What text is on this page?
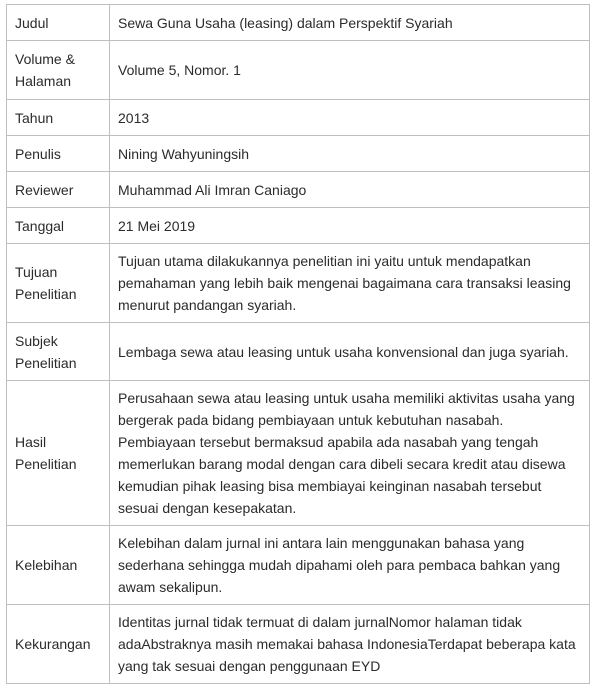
Judul	Sewa Guna Usaha (leasing) dalam Perspektif Syariah
Volume & Halaman	Volume 5, Nomor. 1
Tahun	2013
Penulis	Nining Wahyuningsih
Reviewer	Muhammad Ali Imran Caniago
Tanggal	21 Mei 2019
Tujuan Penelitian	Tujuan utama dilakukannya penelitian ini yaitu untuk mendapatkan pemahaman yang lebih baik mengenai bagaimana cara transaksi leasing menurut pandangan syariah.
Subjek Penelitian	Lembaga sewa atau leasing untuk usaha konvensional dan juga syariah.
Hasil Penelitian	Perusahaan sewa atau leasing untuk usaha memiliki aktivitas usaha yang bergerak pada bidang pembiayaan untuk kebutuhan nasabah. Pembiayaan tersebut bermaksud apabila ada nasabah yang tengah memerlukan barang modal dengan cara dibeli secara kredit atau disewa kemudian pihak leasing bisa membiayai keinginan nasabah tersebut sesuai dengan kesepakatan.
Kelebihan	Kelebihan dalam jurnal ini antara lain menggunakan bahasa yang sederhana sehingga mudah dipahami oleh para pembaca bahkan yang awam sekalipun.
Kekurangan	Identitas jurnal tidak termuat di dalam jurnalNomor halaman tidak adaAbstraknya masih memakai bahasa IndonesiaTerdapat beberapa kata yang tak sesuai dengan penggunaan EYD
